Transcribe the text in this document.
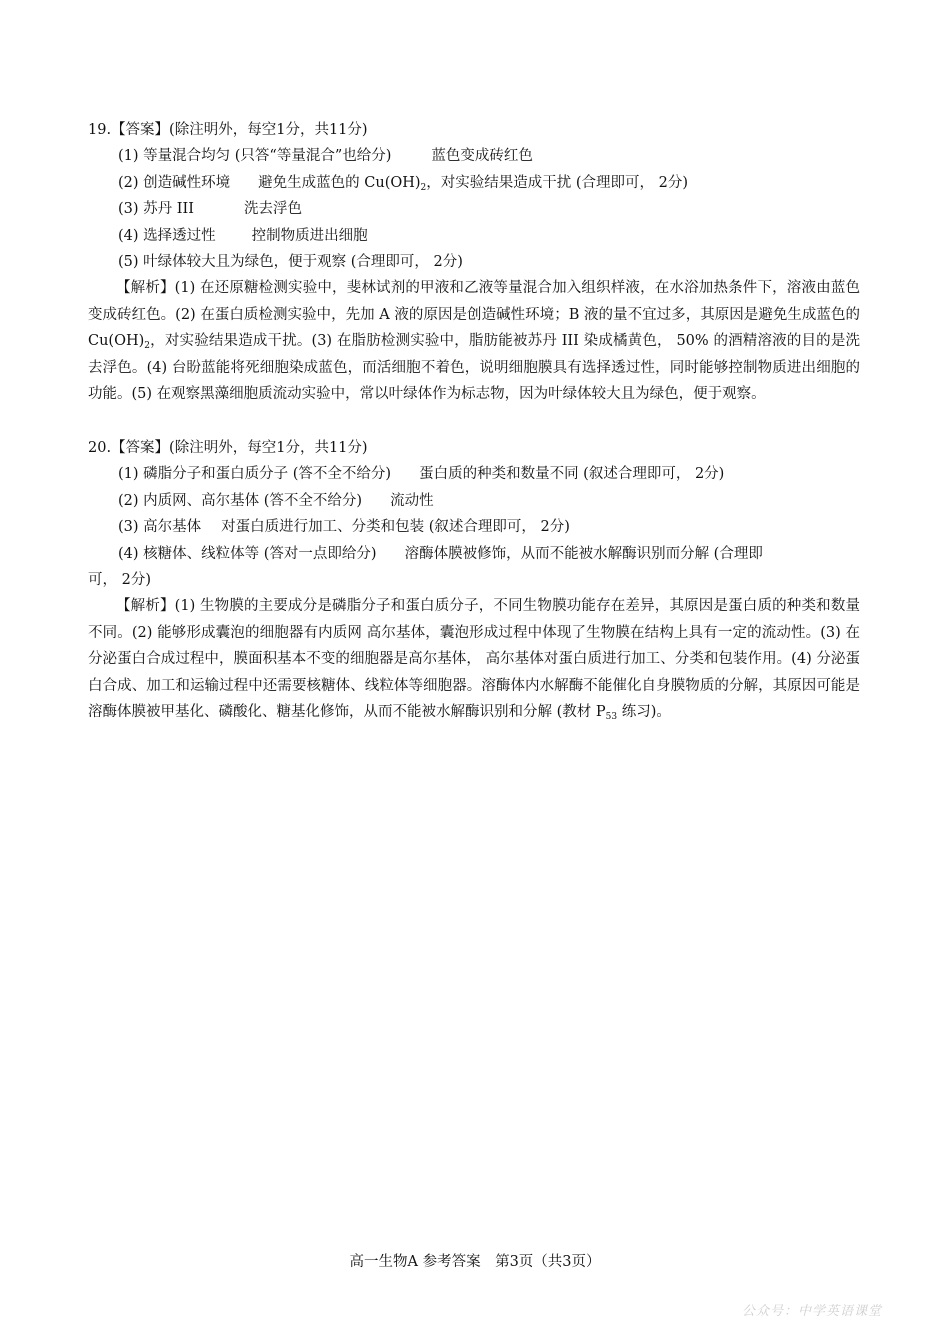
19.【答案】(除注明外，每空1分，共11分)
(1) 等量混合均匀 (只答“等量混合”也给分)	蓝色变成砖红色
(2) 创造碱性环境 避免生成蓝色的 $Cu(OH)_2$，对实验结果造成干扰 (合理即可， 2分)
(3) 苏丹 III	洗去浮色
(4) 选择透过性 控制物质进出细胞
(5) 叶绿体较大且为绿色，便于观察 (合理即可， 2分)
【解析】(1) 在还原糖检测实验中，斐林试剂的甲液和乙液等量混合加入组织样液，在水浴加热条件下，溶液由蓝色变成砖红色。(2) 在蛋白质检测实验中，先加 A 液的原因是创造碱性环境；B 液的量不宜过多，其原因是避免生成蓝色的 $Cu(OH)_2$，对实验结果造成干扰。(3) 在脂肪检测实验中，脂肪能被苏丹 III 染成橘黄色， 50% 的酒精溶液的目的是洗去浮色。(4) 台盼蓝能将死细胞染成蓝色，而活细胞不着色，说明细胞膜具有选择透过性，同时能够控制物质进出细胞的功能。(5) 在观察黑藻细胞质流动实验中，常以叶绿体作为标志物，因为叶绿体较大且为绿色，便于观察。
20.【答案】(除注明外，每空1分，共11分)
(1) 磷脂分子和蛋白质分子 (答不全不给分) 蛋白质的种类和数量不同 (叙述合理即可， 2分)
(2) 内质网、高尔基体 (答不全不给分) 流动性
(3) 高尔基体 对蛋白质进行加工、分类和包装 (叙述合理即可， 2分)
(4) 核糖体、线粒体等 (答对一点即给分) 溶酶体膜被修饰，从而不能被水解酶识别而分解 (合理即
可， 2分)
【解析】(1) 生物膜的主要成分是磷脂分子和蛋白质分子，不同生物膜功能存在差异，其原因是蛋白质的种类和数量不同。(2) 能够形成囊泡的细胞器有内质网 高尔基体，囊泡形成过程中体现了生物膜在结构上具有一定的流动性。(3) 在分泌蛋白合成过程中，膜面积基本不变的细胞器是高尔基体， 高尔基体对蛋白质进行加工、分类和包装作用。(4) 分泌蛋白合成、加工和运输过程中还需要核糖体、线粒体等细胞器。溶酶体内水解酶不能催化自身膜物质的分解，其原因可能是溶酶体膜被甲基化、磷酸化、糖基化修饰，从而不能被水解酶识别和分解 (教材 $P_{53}$ 练习)。
高一生物A 参考答案　第3页（共3页）
公众号：中学英语课堂
